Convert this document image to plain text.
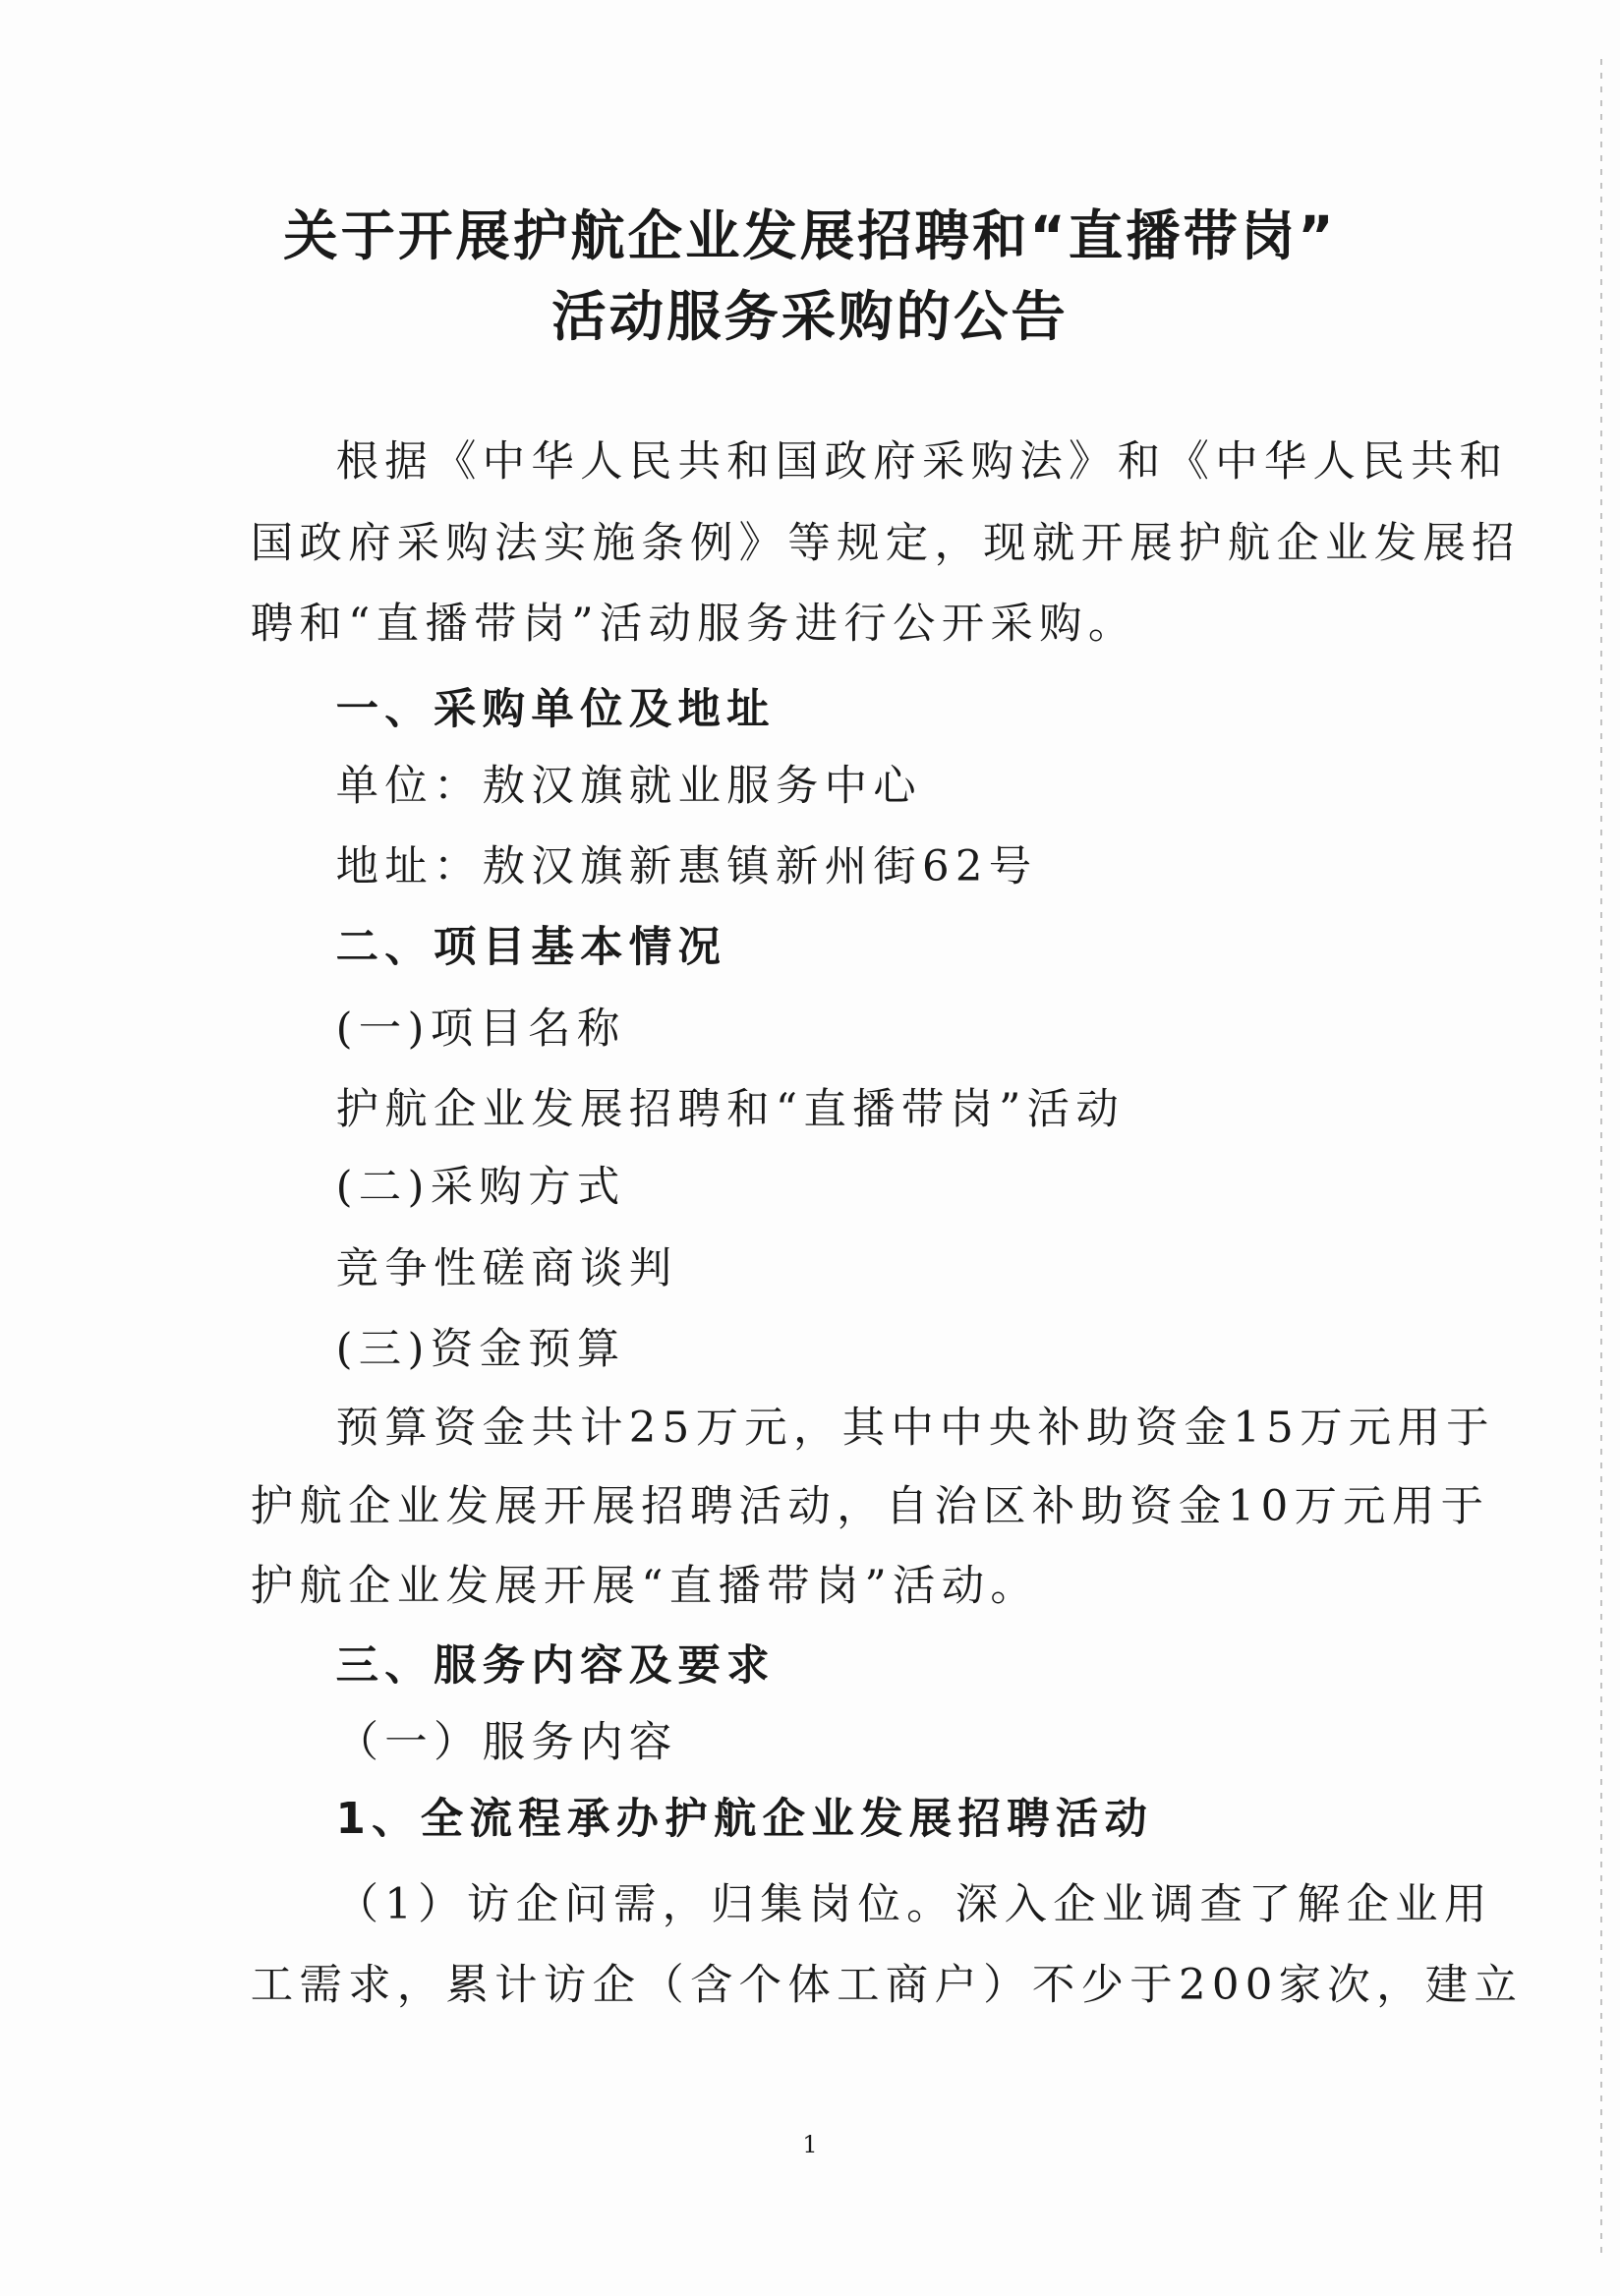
关于开展护航企业发展招聘和“直播带岗”
活动服务采购的公告

根据《中华人民共和国政府采购法》和《中华人民共和

国政府采购法实施条例》等规定，现就开展护航企业发展招

聘和“直播带岗”活动服务进行公开采购。

一、采购单位及地址

单位：敖汉旗就业服务中心

地址：敖汉旗新惠镇新州街62号

二、项目基本情况

(一)项目名称

护航企业发展招聘和“直播带岗”活动

(二)采购方式

竞争性磋商谈判

(三)资金预算

预算资金共计25万元，其中中央补助资金15万元用于

护航企业发展开展招聘活动，自治区补助资金10万元用于

护航企业发展开展“直播带岗”活动。

三、服务内容及要求

（一）服务内容

1、全流程承办护航企业发展招聘活动

（1）访企问需，归集岗位。深入企业调查了解企业用

工需求，累计访企（含个体工商户）不少于200家次，建立

1
